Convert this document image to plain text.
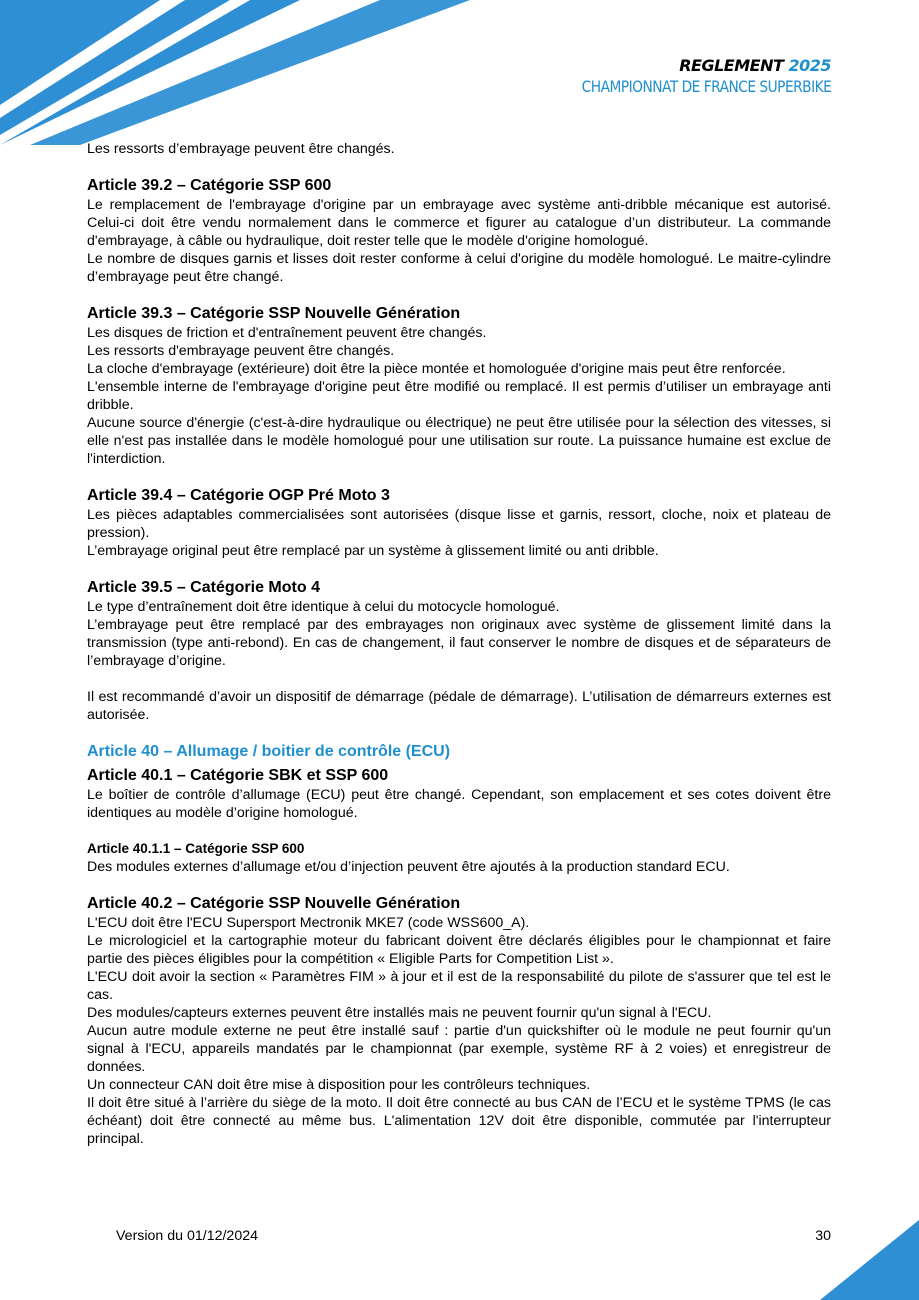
REGLEMENT 2025
CHAMPIONNAT DE FRANCE SUPERBIKE

Les ressorts d’embrayage peuvent être changés.

Article 39.2 – Catégorie SSP 600

Le remplacement de l'embrayage d'origine par un embrayage avec système anti-dribble mécanique est autorisé. Celui-ci doit être vendu normalement dans le commerce et figurer au catalogue d’un distributeur. La commande d'embrayage, à câble ou hydraulique, doit rester telle que le modèle d'origine homologué.

Le nombre de disques garnis et lisses doit rester conforme à celui d'origine du modèle homologué. Le maitre-cylindre d’embrayage peut être changé.

Article 39.3 – Catégorie SSP Nouvelle Génération

Les disques de friction et d'entraînement peuvent être changés.

Les ressorts d'embrayage peuvent être changés.

La cloche d'embrayage (extérieure) doit être la pièce montée et homologuée d'origine mais peut être renforcée.

L'ensemble interne de l'embrayage d'origine peut être modifié ou remplacé. Il est permis d’utiliser un embrayage anti dribble.

Aucune source d'énergie (c'est-à-dire hydraulique ou électrique) ne peut être utilisée pour la sélection des vitesses, si elle n'est pas installée dans le modèle homologué pour une utilisation sur route. La puissance humaine est exclue de l'interdiction.

Article 39.4 – Catégorie OGP Pré Moto 3

Les pièces adaptables commercialisées sont autorisées (disque lisse et garnis, ressort, cloche, noix et plateau de pression).

L’embrayage original peut être remplacé par un système à glissement limité ou anti dribble.

Article 39.5 – Catégorie Moto 4

Le type d’entraînement doit être identique à celui du motocycle homologué.

L’embrayage peut être remplacé par des embrayages non originaux avec système de glissement limité dans la transmission (type anti-rebond). En cas de changement, il faut conserver le nombre de disques et de séparateurs de l’embrayage d’origine.

Il est recommandé d’avoir un dispositif de démarrage (pédale de démarrage). L’utilisation de démarreurs externes est autorisée.

Article 40 – Allumage / boitier de contrôle (ECU)
Article 40.1 – Catégorie SBK et SSP 600

Le boîtier de contrôle d’allumage (ECU) peut être changé. Cependant, son emplacement et ses cotes doivent être identiques au modèle d’origine homologué.

Article 40.1.1 – Catégorie SSP 600

Des modules externes d’allumage et/ou d’injection peuvent être ajoutés à la production standard ECU.

Article 40.2 – Catégorie SSP Nouvelle Génération

L'ECU doit être l'ECU Supersport Mectronik MKE7 (code WSS600_A).

Le micrologiciel et la cartographie moteur du fabricant doivent être déclarés éligibles pour le championnat et faire partie des pièces éligibles pour la compétition « Eligible Parts for Competition List ».

L'ECU doit avoir la section « Paramètres FIM » à jour et il est de la responsabilité du pilote de s'assurer que tel est le cas.

Des modules/capteurs externes peuvent être installés mais ne peuvent fournir qu'un signal à l'ECU.

Aucun autre module externe ne peut être installé sauf : partie d'un quickshifter où le module ne peut fournir qu'un signal à l'ECU, appareils mandatés par le championnat (par exemple, système RF à 2 voies) et enregistreur de données.

Un connecteur CAN doit être mise à disposition pour les contrôleurs techniques.

Il doit être situé à l’arrière du siège de la moto. Il doit être connecté au bus CAN de l’ECU et le système TPMS (le cas échéant) doit être connecté au même bus. L'alimentation 12V doit être disponible, commutée par l'interrupteur principal.

Version du 01/12/2024	30
